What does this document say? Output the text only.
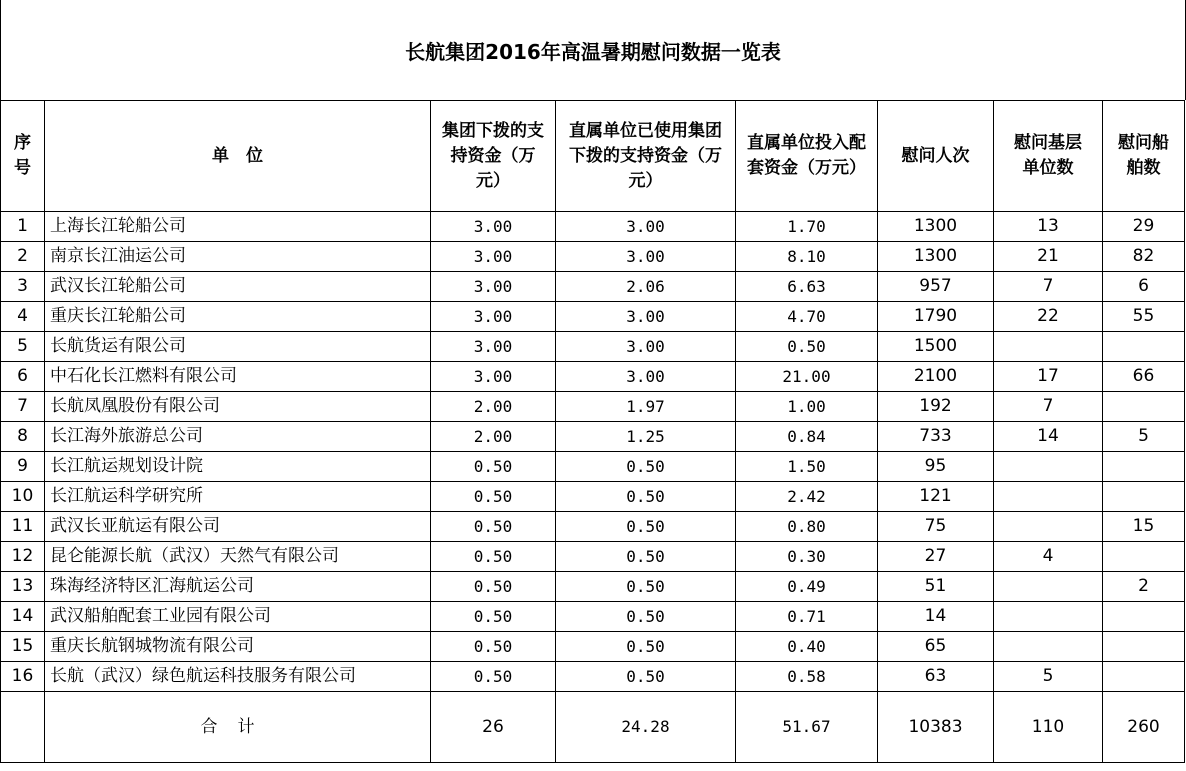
长航集团2016年高温暑期慰问数据一览表
序号	单　位	集团下拨的支持资金（万元）	直属单位已使用集团下拨的支持资金（万元）	直属单位投入配套资金（万元）	慰问人次	慰问基层单位数	慰问船舶数
1	上海长江轮船公司	3.00	3.00	1.70	1300	13	29
2	南京长江油运公司	3.00	3.00	8.10	1300	21	82
3	武汉长江轮船公司	3.00	2.06	6.63	957	7	6
4	重庆长江轮船公司	3.00	3.00	4.70	1790	22	55
5	长航货运有限公司	3.00	3.00	0.50	1500		
6	中石化长江燃料有限公司	3.00	3.00	21.00	2100	17	66
7	长航凤凰股份有限公司	2.00	1.97	1.00	192	7	
8	长江海外旅游总公司	2.00	1.25	0.84	733	14	5
9	长江航运规划设计院	0.50	0.50	1.50	95		
10	长江航运科学研究所	0.50	0.50	2.42	121		
11	武汉长亚航运有限公司	0.50	0.50	0.80	75		15
12	昆仑能源长航（武汉）天然气有限公司	0.50	0.50	0.30	27	4	
13	珠海经济特区汇海航运公司	0.50	0.50	0.49	51		2
14	武汉船舶配套工业园有限公司	0.50	0.50	0.71	14		
15	重庆长航钢城物流有限公司	0.50	0.50	0.40	65		
16	长航（武汉）绿色航运科技服务有限公司	0.50	0.50	0.58	63	5	
	合计	26	24.28	51.67	10383	110	260
